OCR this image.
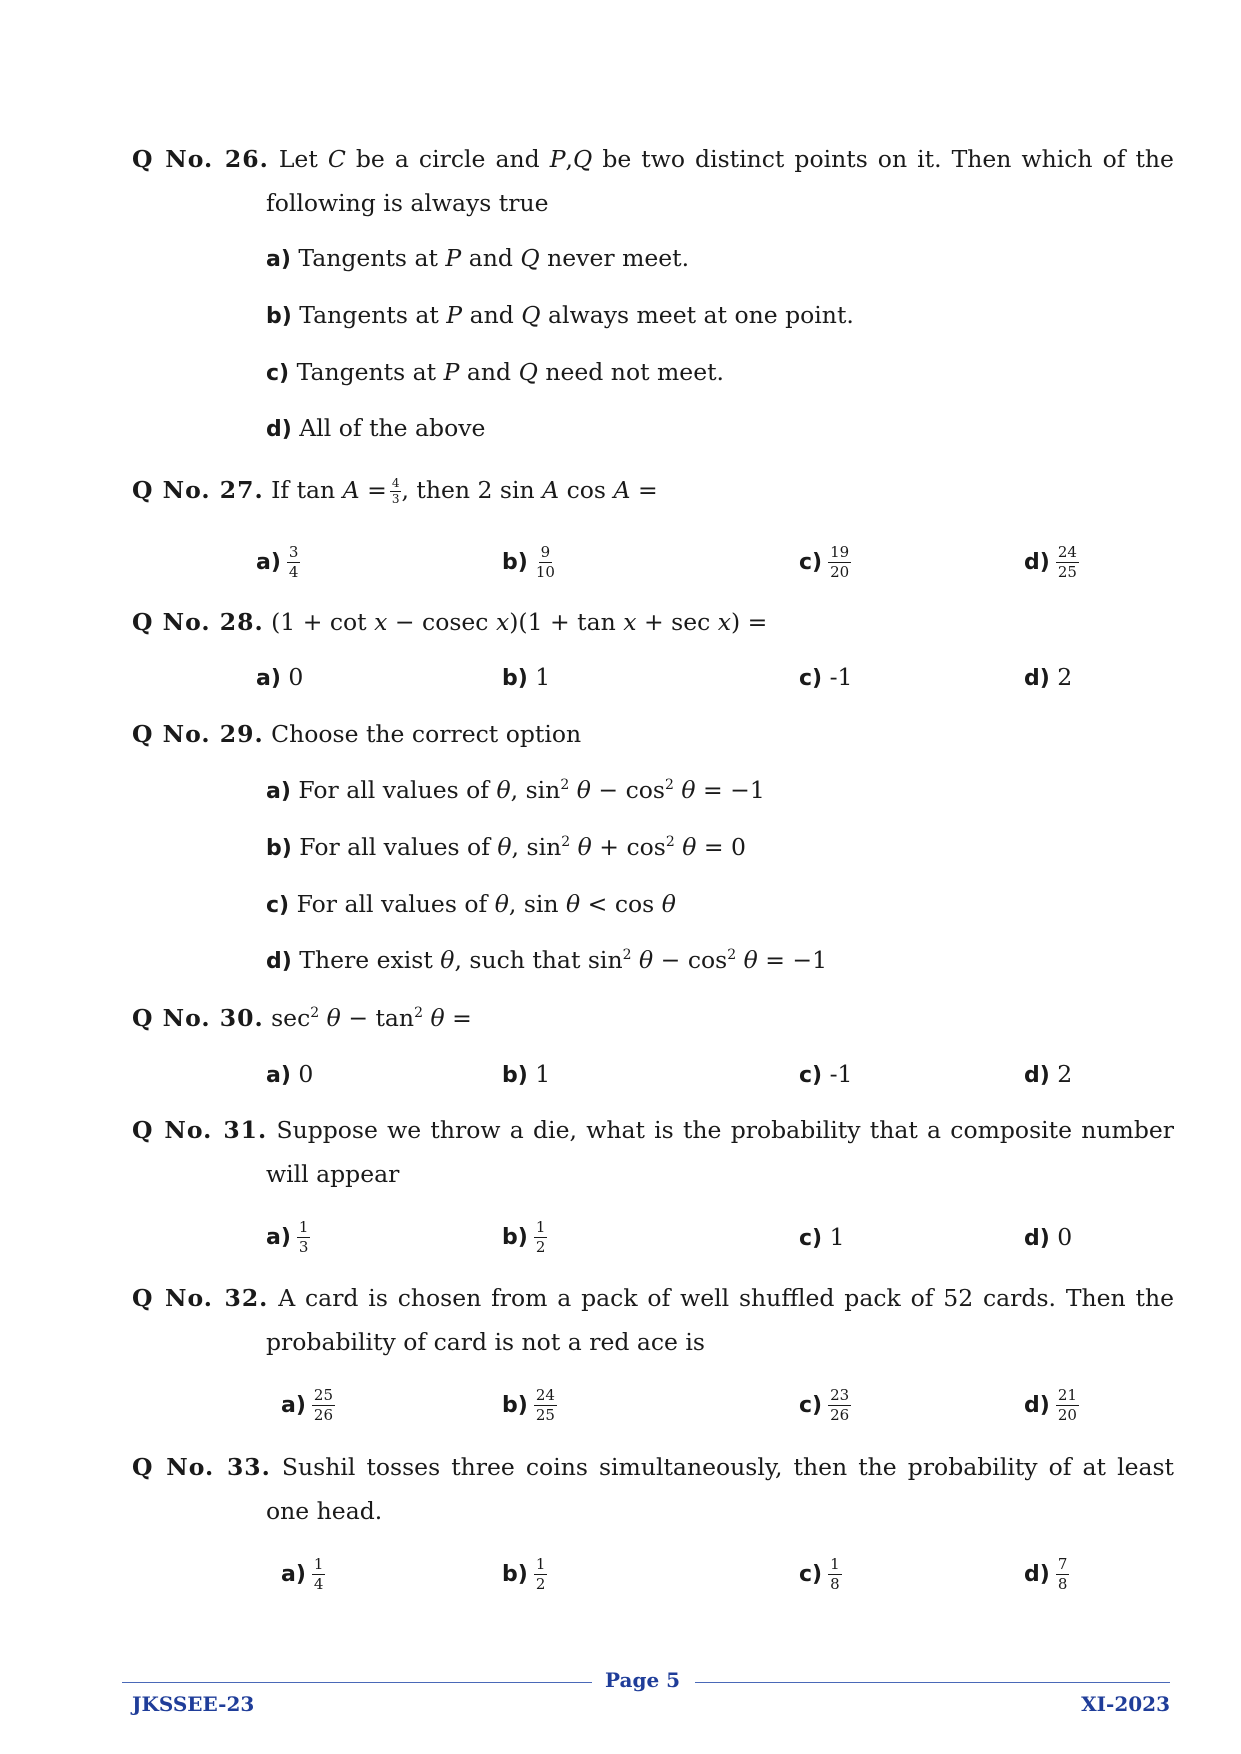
Q No. 26. Let C be a circle and P,Q be two distinct points on it. Then which of the
following is always true
a) Tangents at P and Q never meet.
b) Tangents at P and Q always meet at one point.
c) Tangents at P and Q need not meet.
d) All of the above
Q No. 27. If $\tan A = \frac{4}{3}$ , then 2 sin A cos A =
$a) \frac{3}{4}$	$b) \frac{9}{10}$	$c) \frac{19}{20}$	$d) \frac{24}{25}$
Q No. 28. (1 + cot x − cosec x)(1 + tan x + sec x) =
a) 0	b) 1	c) -1	d) 2
Q No. 29. Choose the correct option
a) For all values of θ, $\sin^2 \theta - \cos^2 \theta = -1$
b) For all values of θ, $\sin^2 \theta + \cos^2 \theta = 0$
c) For all values of θ, sin θ < cos θ
d) There exist θ, such that $\sin^2 \theta - \cos^2 \theta = -1$
Q No. 30. $\sec^2 \theta - \tan^2 \theta$ =
a) 0	b) 1	c) -1	d) 2
Q No. 31. Suppose we throw a die, what is the probability that a composite number
will appear
$a) \frac{1}{3}$	$b) \frac{1}{2}$	c) 1	d) 0
Q No. 32. A card is chosen from a pack of well shuffled pack of 52 cards. Then the
probability of card is not a red ace is
$a) \frac{25}{26}$	$b) \frac{24}{25}$	$c) \frac{23}{26}$	$d) \frac{21}{20}$
Q No. 33. Sushil tosses three coins simultaneously, then the probability of at least
one head.
$a) \frac{1}{4}$	$b) \frac{1}{2}$	$c) \frac{1}{8}$	$d) \frac{7}{8}$
Page 5
JKSSEE-23	XI-2023
